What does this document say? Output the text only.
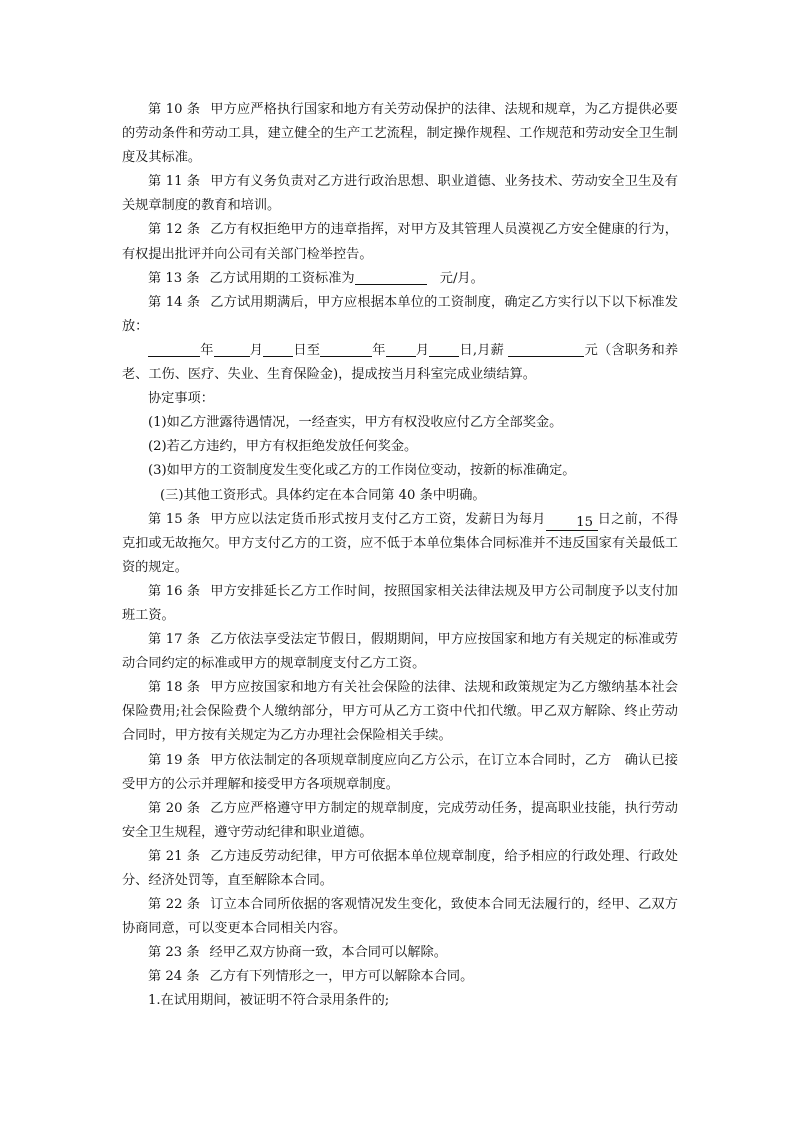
第 10 条 甲方应严格执行国家和地方有关劳动保护的法律、法规和规章，为乙方提供必要的劳动条件和劳动工具，建立健全的生产工艺流程，制定操作规程、工作规范和劳动安全卫生制度及其标准。

第 11 条 甲方有义务负责对乙方进行政治思想、职业道德、业务技术、劳动安全卫生及有关规章制度的教育和培训。

第 12 条 乙方有权拒绝甲方的违章指挥，对甲方及其管理人员漠视乙方安全健康的行为，有权提出批评并向公司有关部门检举控告。

第 13 条 乙方试用期的工资标准为　	元/月。

第 14 条 乙方试用期满后，甲方应根据本单位的工资制度，确定乙方实行以下以下标准发放：

年	月 日至	年 月 日,月薪	元（含职务和养老、工伤、医疗、失业、生育保险金)，提成按当月科室完成业绩结算。

协定事项：

(1)如乙方泄露待遇情况，一经查实，甲方有权没收应付乙方全部奖金。

(2)若乙方违约，甲方有权拒绝发放任何奖金。

(3)如甲方的工资制度发生变化或乙方的工作岗位变动，按新的标准确定。

(三)其他工资形式。具体约定在本合同第 40 条中明确。

第 15 条 甲方应以法定货币形式按月支付乙方工资，发薪日为每月 15 日之前，不得克扣或无故拖欠。甲方支付乙方的工资，应不低于本单位集体合同标准并不违反国家有关最低工资的规定。

第 16 条 甲方安排延长乙方工作时间，按照国家相关法律法规及甲方公司制度予以支付加班工资。

第 17 条 乙方依法享受法定节假日，假期期间，甲方应按国家和地方有关规定的标准或劳动合同约定的标准或甲方的规章制度支付乙方工资。

第 18 条 甲方应按国家和地方有关社会保险的法律、法规和政策规定为乙方缴纳基本社会保险费用;社会保险费个人缴纳部分，甲方可从乙方工资中代扣代缴。甲乙双方解除、终止劳动合同时，甲方按有关规定为乙方办理社会保险相关手续。

第 19 条 甲方依法制定的各项规章制度应向乙方公示，在订立本合同时，乙方　确认已接受甲方的公示并理解和接受甲方各项规章制度。

第 20 条 乙方应严格遵守甲方制定的规章制度，完成劳动任务，提高职业技能，执行劳动安全卫生规程，遵守劳动纪律和职业道德。

第 21 条 乙方违反劳动纪律，甲方可依据本单位规章制度，给予相应的行政处理、行政处分、经济处罚等，直至解除本合同。

第 22 条 订立本合同所依据的客观情况发生变化，致使本合同无法履行的，经甲、乙双方协商同意，可以变更本合同相关内容。

第 23 条 经甲乙双方协商一致，本合同可以解除。

第 24 条 乙方有下列情形之一，甲方可以解除本合同。

1.在试用期间，被证明不符合录用条件的;
